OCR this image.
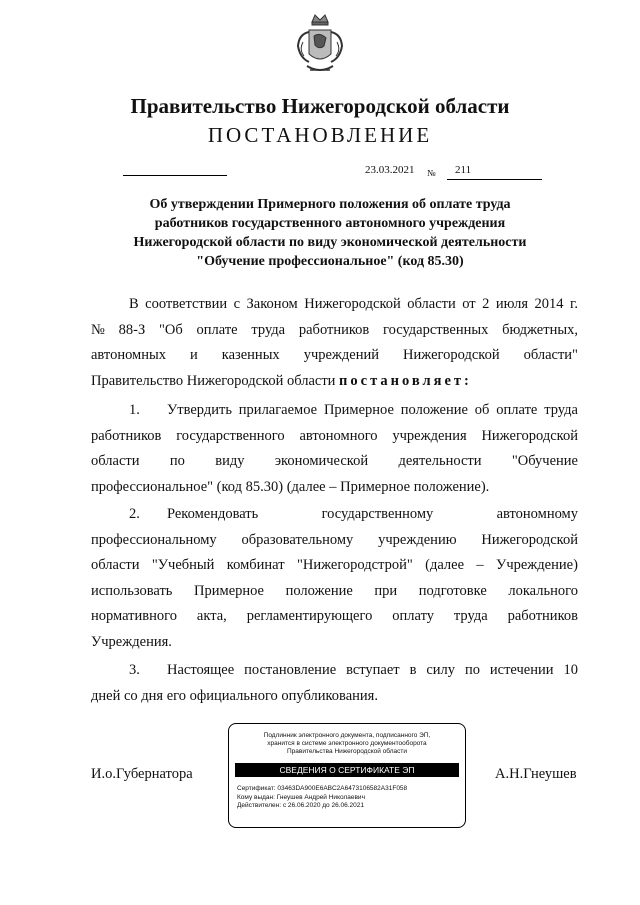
Правительство Нижегородской области
ПОСТАНОВЛЕНИЕ
23.03.2021 №	211
Об утверждении Примерного положения об оплате труда
работников государственного автономного учреждения
Нижегородской области по виду экономической деятельности
"Обучение профессиональное" (код 85.30)
В соответствии с Законом Нижегородской области от 2 июля 2014 г.
№ 88-З "Об оплате труда работников государственных бюджетных,
автономных и казенных учреждений Нижегородской области"
Правительство Нижегородской области
постановляет:
1.	Утвердить прилагаемое Примерное положение об оплате труда
работников государственного автономного учреждения Нижегородской
области по виду экономической деятельности "Обучение
профессиональное" (код 85.30) (далее – Примерное положение).
2.	Рекомендовать	государственному	автономному
профессиональному образовательному учреждению Нижегородской
области "Учебный комбинат "Нижегородстрой" (далее – Учреждение)
использовать Примерное положение при подготовке локального
нормативного акта, регламентирующего оплату труда работников
Учреждения.
3.	Настоящее постановление вступает в силу по истечении 10
дней со дня его официального опубликования.
И.о.Губернатора	А.Н.Гнеушев
Подлинник электронного документа, подписанного ЭП,
хранится в системе электронного документооборота
Правительства Нижегородской области
СВЕДЕНИЯ О СЕРТИФИКАТЕ ЭП
Сертификат: 03463DA900E6ABC2A6473106582A31F058
Кому выдан: Гнеушев Андрей Николаевич
Действителен: с 26.06.2020 до 26.06.2021
